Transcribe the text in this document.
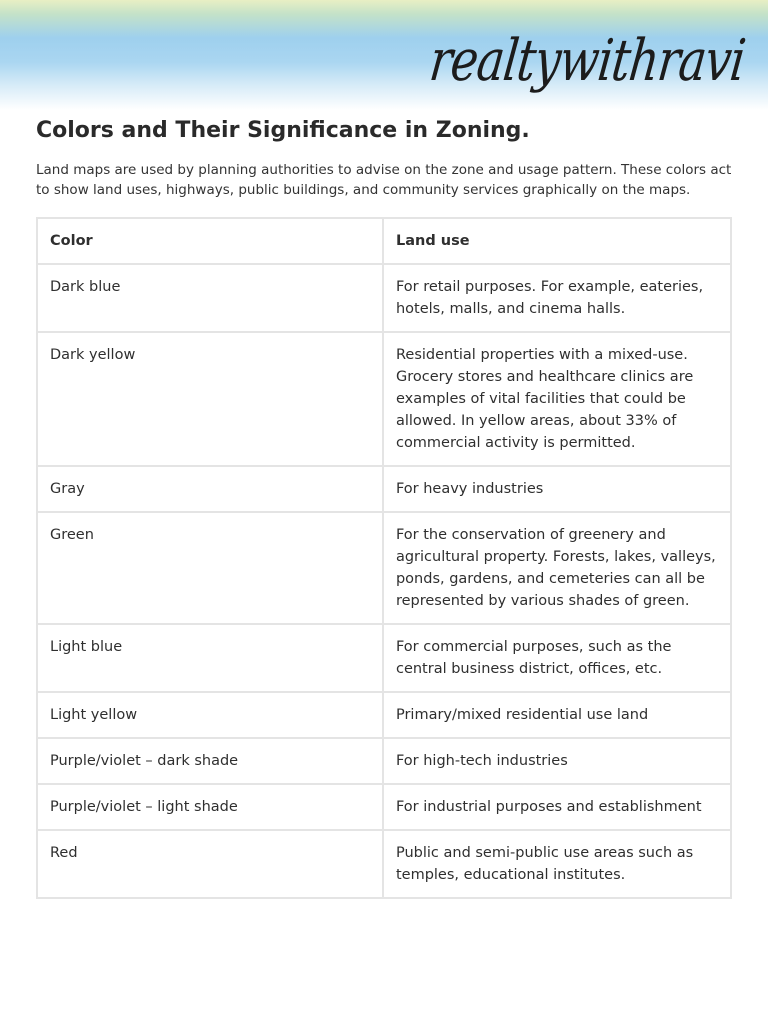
realtywithravi
Colors and Their Significance in Zoning.

Land maps are used by planning authorities to advise on the zone and usage pattern. These colors act to show land uses, highways, public buildings, and community services graphically on the maps.

Color	Land use
Dark blue	For retail purposes. For example, eateries, hotels, malls, and cinema halls.
Dark yellow	Residential properties with a mixed-use. Grocery stores and healthcare clinics are examples of vital facilities that could be allowed. In yellow areas, about 33% of commercial activity is permitted.
Gray	For heavy industries
Green	For the conservation of greenery and agricultural property. Forests, lakes, valleys, ponds, gardens, and cemeteries can all be represented by various shades of green.
Light blue	For commercial purposes, such as the central business district, offices, etc.
Light yellow	Primary/mixed residential use land
Purple/violet – dark shade	For high-tech industries
Purple/violet – light shade	For industrial purposes and establishment
Red	Public and semi-public use areas such as temples, educational institutes.
